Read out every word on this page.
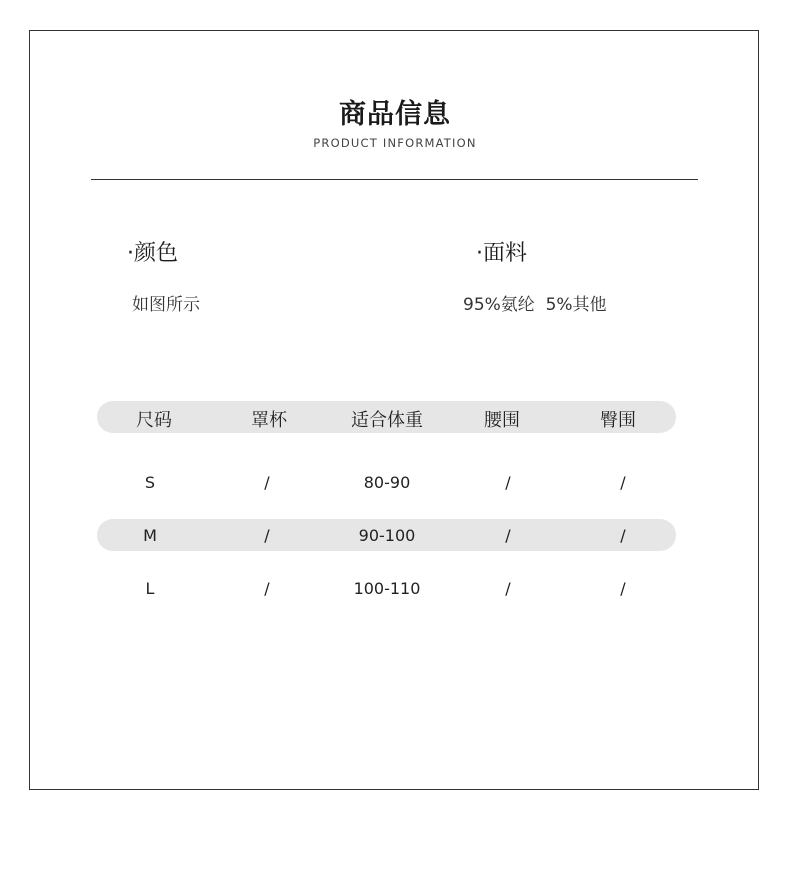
商品信息
PRODUCT INFORMATION
·颜色
如图所示
·面料
95%氨纶  5%其他
尺码	罩杯	适合体重	腰围	臀围
S	/	80-90	/	/
M	/	90-100	/	/
L	/	100-110	/	/
